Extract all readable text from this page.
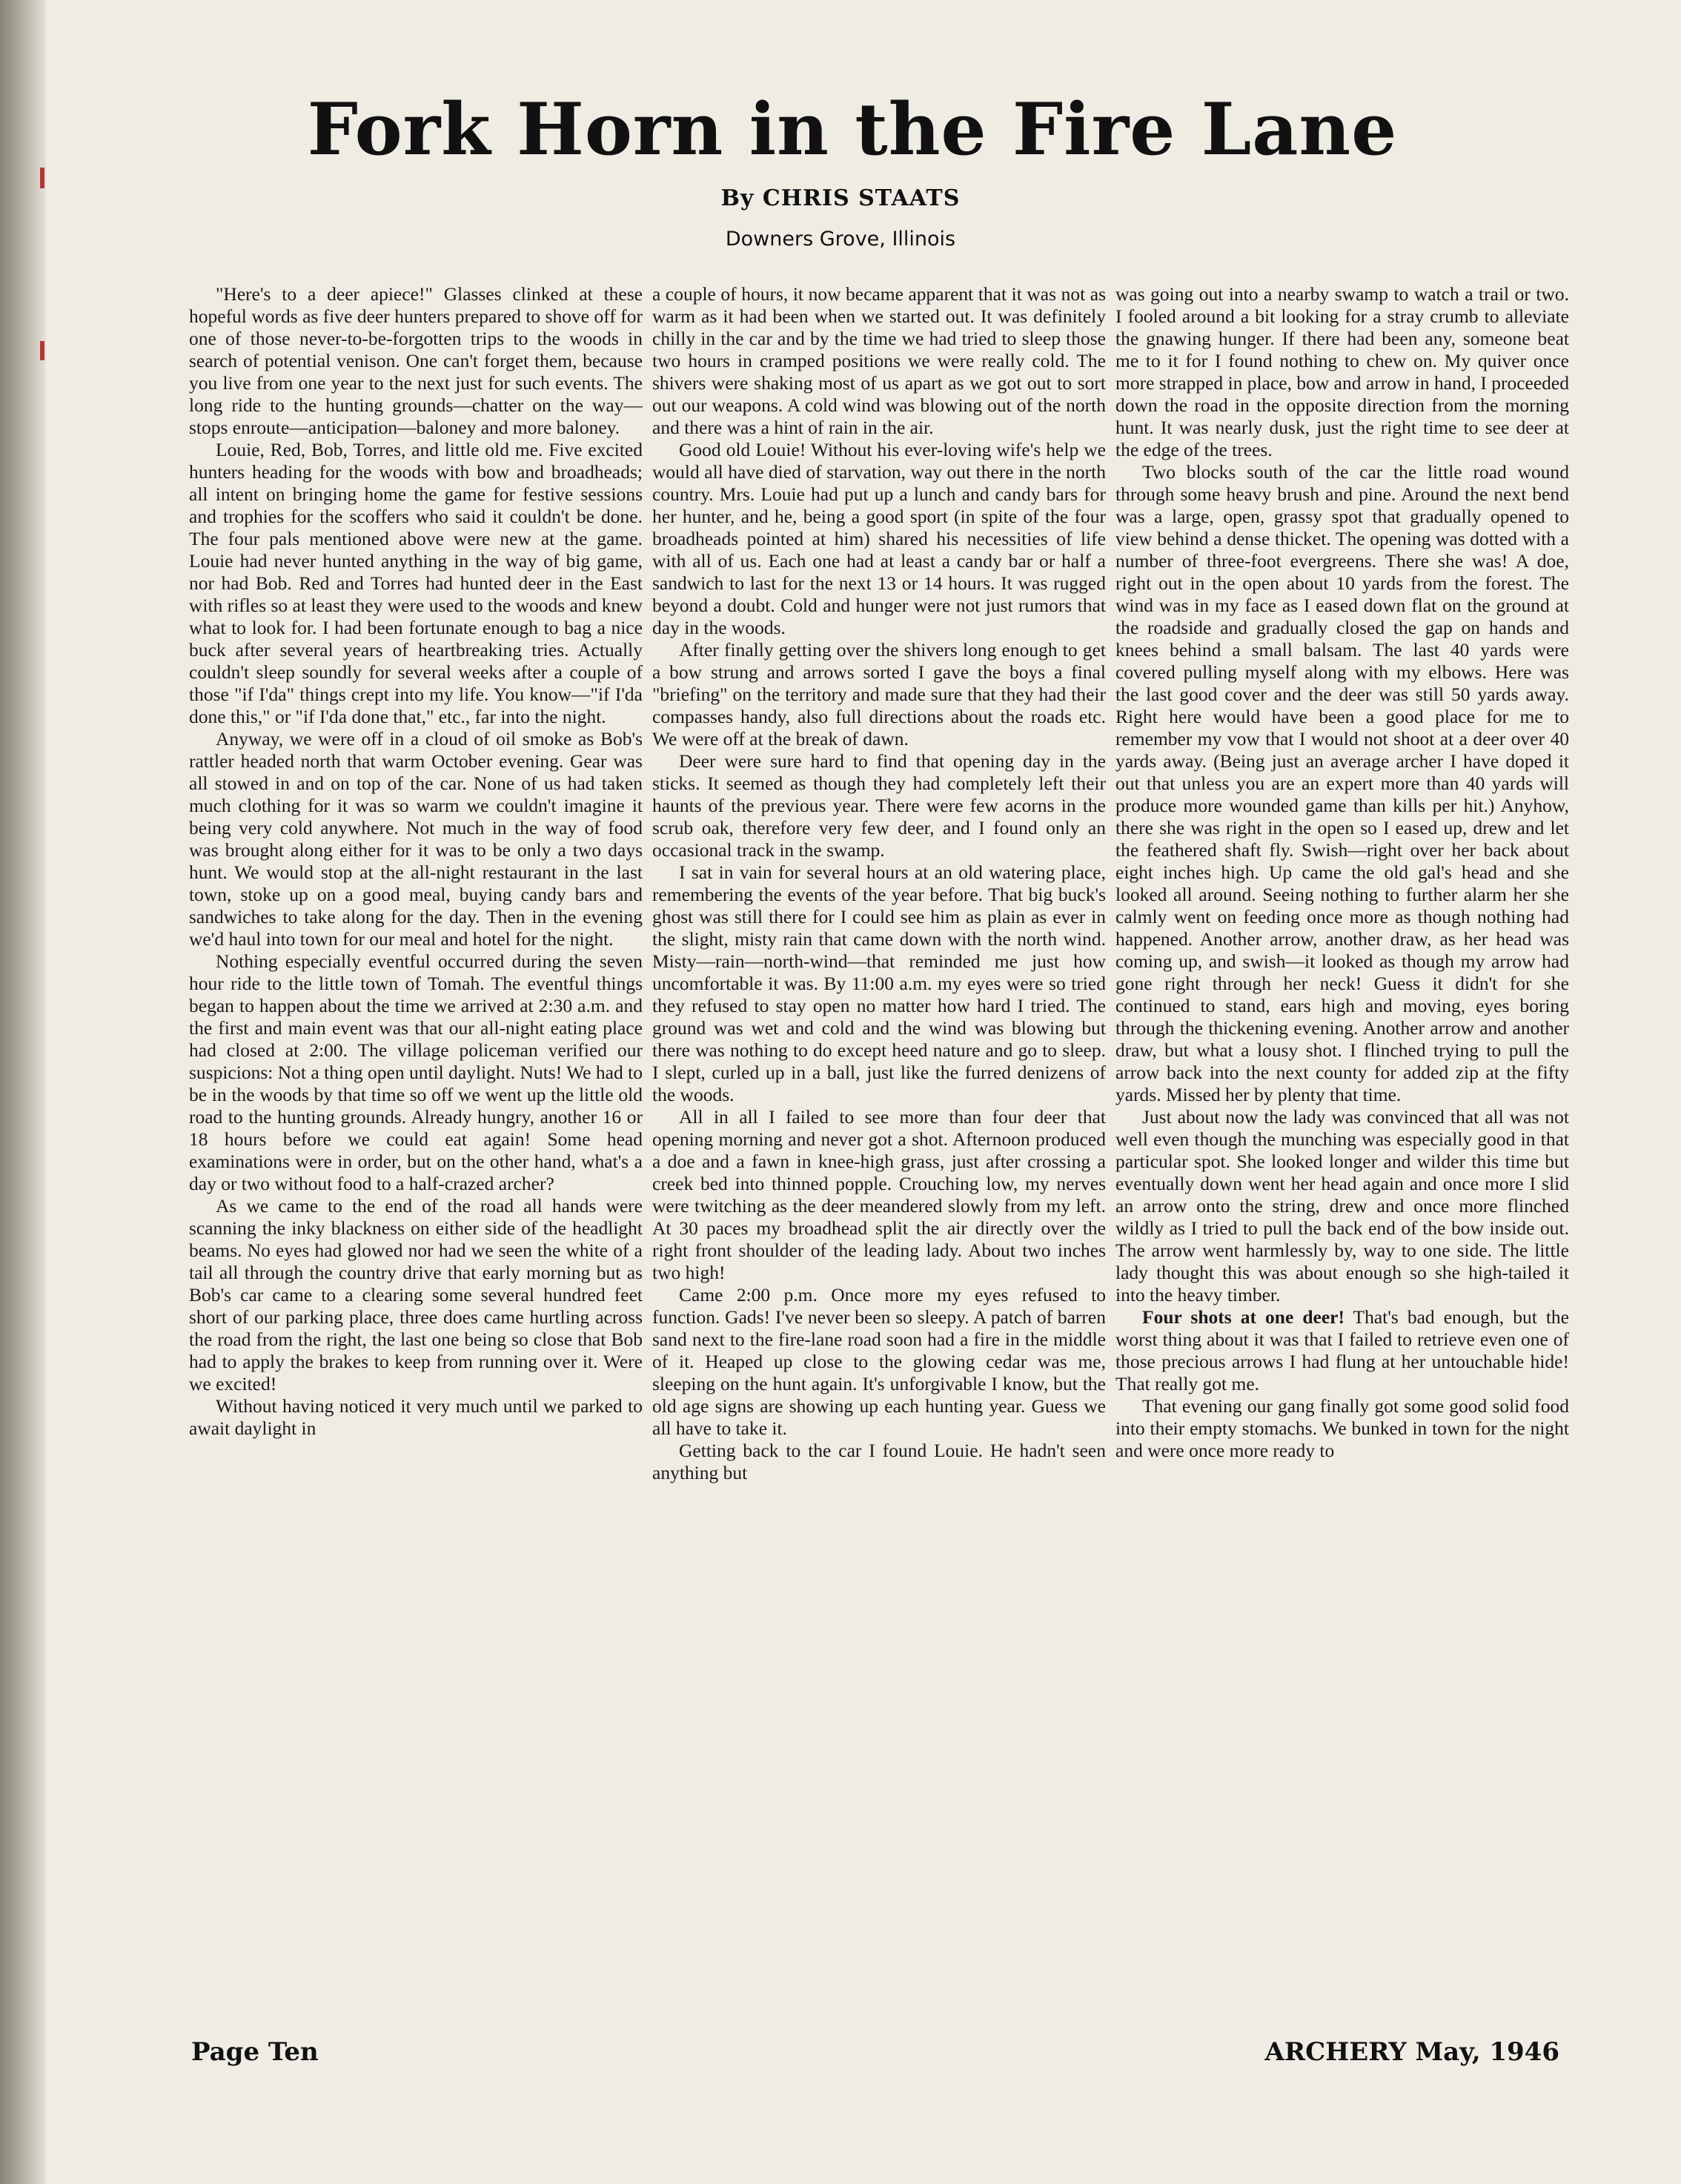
Fork Horn in the Fire Lane
By CHRIS STAATS
Downers Grove, Illinois

"Here's to a deer apiece!" Glasses clinked at these hopeful words as five deer hunters prepared to shove off for one of those never-to-be-forgotten trips to the woods in search of potential venison. One can't forget them, because you live from one year to the next just for such events. The long ride to the hunting grounds—chatter on the way—stops enroute—anticipation—baloney and more baloney.

Louie, Red, Bob, Torres, and little old me. Five excited hunters heading for the woods with bow and broadheads; all intent on bringing home the game for festive sessions and trophies for the scoffers who said it couldn't be done. The four pals mentioned above were new at the game. Louie had never hunted anything in the way of big game, nor had Bob. Red and Torres had hunted deer in the East with rifles so at least they were used to the woods and knew what to look for. I had been fortunate enough to bag a nice buck after several years of heartbreaking tries. Actually couldn't sleep soundly for several weeks after a couple of those "if I'da" things crept into my life. You know—"if I'da done this," or "if I'da done that," etc., far into the night.

Anyway, we were off in a cloud of oil smoke as Bob's rattler headed north that warm October evening. Gear was all stowed in and on top of the car. None of us had taken much clothing for it was so warm we couldn't imagine it being very cold anywhere. Not much in the way of food was brought along either for it was to be only a two days hunt. We would stop at the all-night restaurant in the last town, stoke up on a good meal, buying candy bars and sandwiches to take along for the day. Then in the evening we'd haul into town for our meal and hotel for the night.

Nothing especially eventful occurred during the seven hour ride to the little town of Tomah. The eventful things began to happen about the time we arrived at 2:30 a.m. and the first and main event was that our all-night eating place had closed at 2:00. The village policeman verified our suspicions: Not a thing open until daylight. Nuts! We had to be in the woods by that time so off we went up the little old road to the hunting grounds. Already hungry, another 16 or 18 hours before we could eat again! Some head examinations were in order, but on the other hand, what's a day or two without food to a half-crazed archer?

As we came to the end of the road all hands were scanning the inky blackness on either side of the headlight beams. No eyes had glowed nor had we seen the white of a tail all through the country drive that early morning but as Bob's car came to a clearing some several hundred feet short of our parking place, three does came hurtling across the road from the right, the last one being so close that Bob had to apply the brakes to keep from running over it. Were we excited!

Without having noticed it very much until we parked to await daylight in

a couple of hours, it now became apparent that it was not as warm as it had been when we started out. It was definitely chilly in the car and by the time we had tried to sleep those two hours in cramped positions we were really cold. The shivers were shaking most of us apart as we got out to sort out our weapons. A cold wind was blowing out of the north and there was a hint of rain in the air.

Good old Louie! Without his ever-loving wife's help we would all have died of starvation, way out there in the north country. Mrs. Louie had put up a lunch and candy bars for her hunter, and he, being a good sport (in spite of the four broadheads pointed at him) shared his necessities of life with all of us. Each one had at least a candy bar or half a sandwich to last for the next 13 or 14 hours. It was rugged beyond a doubt. Cold and hunger were not just rumors that day in the woods.

After finally getting over the shivers long enough to get a bow strung and arrows sorted I gave the boys a final "briefing" on the territory and made sure that they had their compasses handy, also full directions about the roads etc. We were off at the break of dawn.

Deer were sure hard to find that opening day in the sticks. It seemed as though they had completely left their haunts of the previous year. There were few acorns in the scrub oak, therefore very few deer, and I found only an occasional track in the swamp.

I sat in vain for several hours at an old watering place, remembering the events of the year before. That big buck's ghost was still there for I could see him as plain as ever in the slight, misty rain that came down with the north wind. Misty—rain—north-wind—that reminded me just how uncomfortable it was. By 11:00 a.m. my eyes were so tried they refused to stay open no matter how hard I tried. The ground was wet and cold and the wind was blowing but there was nothing to do except heed nature and go to sleep. I slept, curled up in a ball, just like the furred denizens of the woods.

All in all I failed to see more than four deer that opening morning and never got a shot. Afternoon produced a doe and a fawn in knee-high grass, just after crossing a creek bed into thinned popple. Crouching low, my nerves were twitching as the deer meandered slowly from my left. At 30 paces my broadhead split the air directly over the right front shoulder of the leading lady. About two inches two high!

Came 2:00 p.m. Once more my eyes refused to function. Gads! I've never been so sleepy. A patch of barren sand next to the fire-lane road soon had a fire in the middle of it. Heaped up close to the glowing cedar was me, sleeping on the hunt again. It's unforgivable I know, but the old age signs are showing up each hunting year. Guess we all have to take it.

Getting back to the car I found Louie. He hadn't seen anything but

was going out into a nearby swamp to watch a trail or two. I fooled around a bit looking for a stray crumb to alleviate the gnawing hunger. If there had been any, someone beat me to it for I found nothing to chew on. My quiver once more strapped in place, bow and arrow in hand, I proceeded down the road in the opposite direction from the morning hunt. It was nearly dusk, just the right time to see deer at the edge of the trees.

Two blocks south of the car the little road wound through some heavy brush and pine. Around the next bend was a large, open, grassy spot that gradually opened to view behind a dense thicket. The opening was dotted with a number of three-foot evergreens. There she was! A doe, right out in the open about 10 yards from the forest. The wind was in my face as I eased down flat on the ground at the roadside and gradually closed the gap on hands and knees behind a small balsam. The last 40 yards were covered pulling myself along with my elbows. Here was the last good cover and the deer was still 50 yards away. Right here would have been a good place for me to remember my vow that I would not shoot at a deer over 40 yards away. (Being just an average archer I have doped it out that unless you are an expert more than 40 yards will produce more wounded game than kills per hit.) Anyhow, there she was right in the open so I eased up, drew and let the feathered shaft fly. Swish—right over her back about eight inches high. Up came the old gal's head and she looked all around. Seeing nothing to further alarm her she calmly went on feeding once more as though nothing had happened. Another arrow, another draw, as her head was coming up, and swish—it looked as though my arrow had gone right through her neck! Guess it didn't for she continued to stand, ears high and moving, eyes boring through the thickening evening. Another arrow and another draw, but what a lousy shot. I flinched trying to pull the arrow back into the next county for added zip at the fifty yards. Missed her by plenty that time.

Just about now the lady was convinced that all was not well even though the munching was especially good in that particular spot. She looked longer and wilder this time but eventually down went her head again and once more I slid an arrow onto the string, drew and once more flinched wildly as I tried to pull the back end of the bow inside out. The arrow went harmlessly by, way to one side. The little lady thought this was about enough so she high-tailed it into the heavy timber.

Four shots at one deer! That's bad enough, but the worst thing about it was that I failed to retrieve even one of those precious arrows I had flung at her untouchable hide! That really got me.

That evening our gang finally got some good solid food into their empty stomachs. We bunked in town for the night and were once more ready to

Page Ten	ARCHERY May, 1946
